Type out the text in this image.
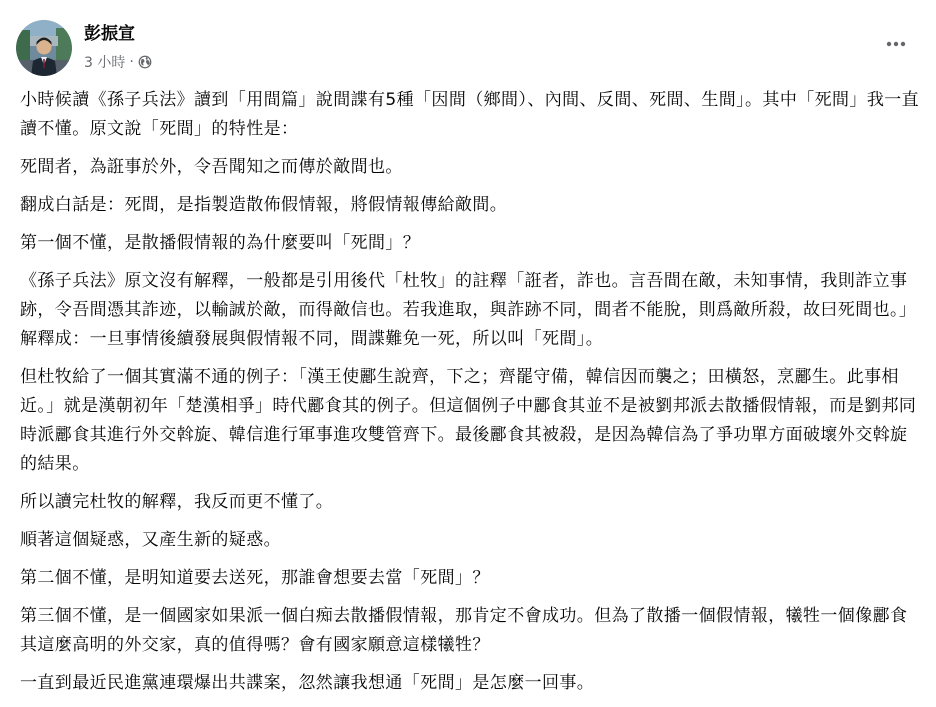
彭振宣
3 小時 ·

小時候讀《孫子兵法》讀到「用間篇」說間諜有5種「因間（鄉間）、內間、反間、死間、生間」。其中「死間」我一直讀不懂。原文說「死間」的特性是：

死間者，為誑事於外，令吾聞知之而傳於敵間也。

翻成白話是：死間，是指製造散佈假情報，將假情報傳給敵間。

第一個不懂，是散播假情報的為什麼要叫「死間」？

《孫子兵法》原文沒有解釋，一般都是引用後代「杜牧」的註釋「誑者，詐也。言吾間在敵，未知事情，我則詐立事跡，令吾間憑其詐迹，以輸誠於敵，而得敵信也。若我進取，與詐跡不同，間者不能脫，則爲敵所殺，故曰死間也。」解釋成：一旦事情後續發展與假情報不同，間諜難免一死，所以叫「死間」。

但杜牧給了一個其實滿不通的例子：「漢王使酈生說齊，下之；齊罷守備，韓信因而襲之；田橫怒，烹酈生。此事相近。」就是漢朝初年「楚漢相爭」時代酈食其的例子。但這個例子中酈食其並不是被劉邦派去散播假情報，而是劉邦同時派酈食其進行外交斡旋、韓信進行軍事進攻雙管齊下。最後酈食其被殺，是因為韓信為了爭功單方面破壞外交斡旋的結果。

所以讀完杜牧的解釋，我反而更不懂了。

順著這個疑惑，又產生新的疑惑。

第二個不懂，是明知道要去送死，那誰會想要去當「死間」？

第三個不懂，是一個國家如果派一個白痴去散播假情報，那肯定不會成功。但為了散播一個假情報，犧牲一個像酈食其這麼高明的外交家，真的值得嗎？會有國家願意這樣犧牲？

一直到最近民進黨連環爆出共諜案，忽然讓我想通「死間」是怎麼一回事。
